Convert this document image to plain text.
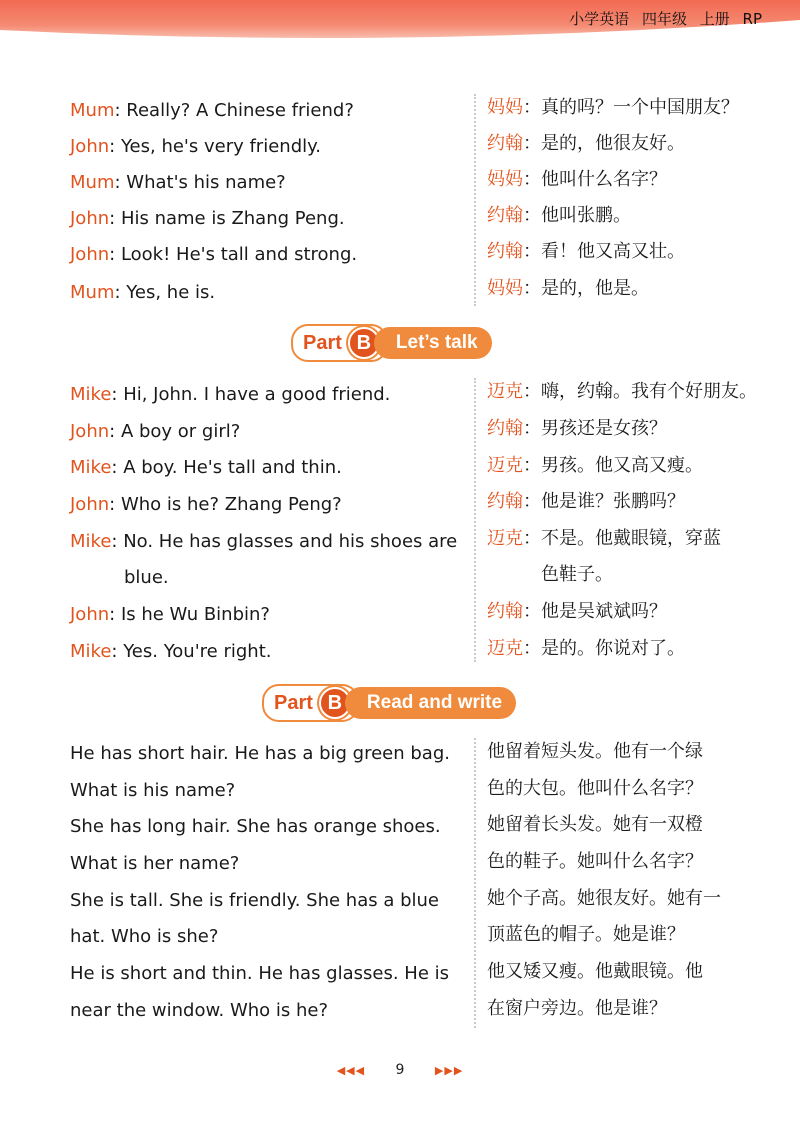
小学英语 四年级 上册 RP
Mum: Really? A Chinese friend?
John: Yes, he's very friendly.
Mum: What's his name?
John: His name is Zhang Peng.
John: Look! He's tall and strong.
Mum: Yes, he is.
妈妈：真的吗？一个中国朋友？
约翰：是的，他很友好。
妈妈：他叫什么名字？
约翰：他叫张鹏。
约翰：看！他又高又壮。
妈妈：是的，他是。
Part B	Let’s talk
Mike: Hi, John. I have a good friend.
John: A boy or girl?
Mike: A boy. He's tall and thin.
John: Who is he? Zhang Peng?
Mike: No. He has glasses and his shoes are
blue.
John: Is he Wu Binbin?
Mike: Yes. You're right.
迈克：嗨，约翰。我有个好朋友。
约翰：男孩还是女孩？
迈克：男孩。他又高又瘦。
约翰：他是谁？张鹏吗？
迈克：不是。他戴眼镜，穿蓝
色鞋子。
约翰：他是吴斌斌吗？
迈克：是的。你说对了。
Part B	Read and write
He has short hair. He has a big green bag.
What is his name?
She has long hair. She has orange shoes.
What is her name?
She is tall. She is friendly. She has a blue
hat. Who is she?
He is short and thin. He has glasses. He is
near the window. Who is he?
他留着短头发。他有一个绿
色的大包。他叫什么名字？
她留着长头发。她有一双橙
色的鞋子。她叫什么名字？
她个子高。她很友好。她有一
顶蓝色的帽子。她是谁？
他又矮又瘦。他戴眼镜。他
在窗户旁边。他是谁？
◀◀◀ 9	▶▶▶
